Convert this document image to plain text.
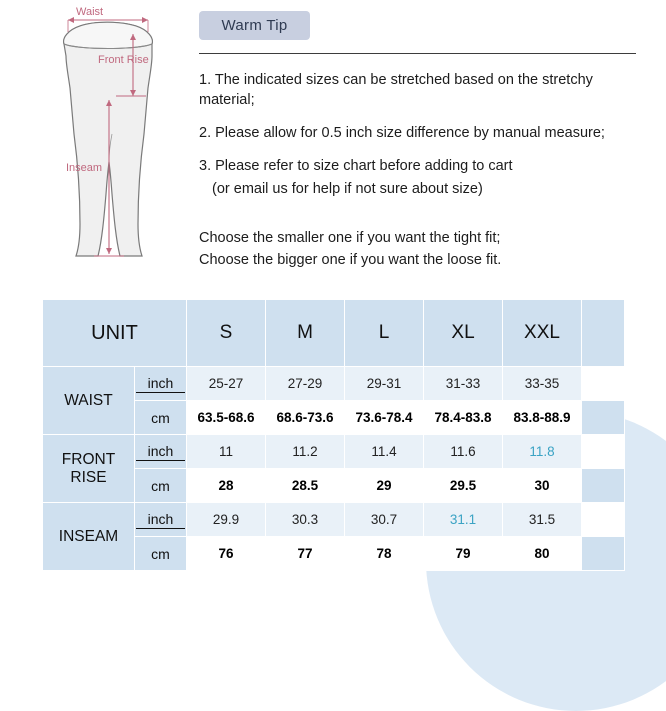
Waist
Front Rise
Inseam
Warm Tip

1. The indicated sizes can be stretched based on the stretchy material;

2. Please allow for 0.5 inch size difference by manual measure;

3. Please refer to size chart before adding to cart

(or email us for help if not sure about size)

Choose the smaller one if you want the tight fit;
Choose the bigger one if you want the loose fit.
UNIT		S	M	L	XL	XXL	
WAIST	inch	25-27	27-29	29-31	31-33	33-35	

	cm	63.5-68.6	68.6-73.6	73.6-78.4	78.4-83.8	83.8-88.9	
FRONT RISE	inch	11	11.2	11.4	11.6	11.8	

	cm	28	28.5	29	29.5	30	
INSEAM	inch	29.9	30.3	30.7	31.1	31.5	

	cm	76	77	78	79	80	
